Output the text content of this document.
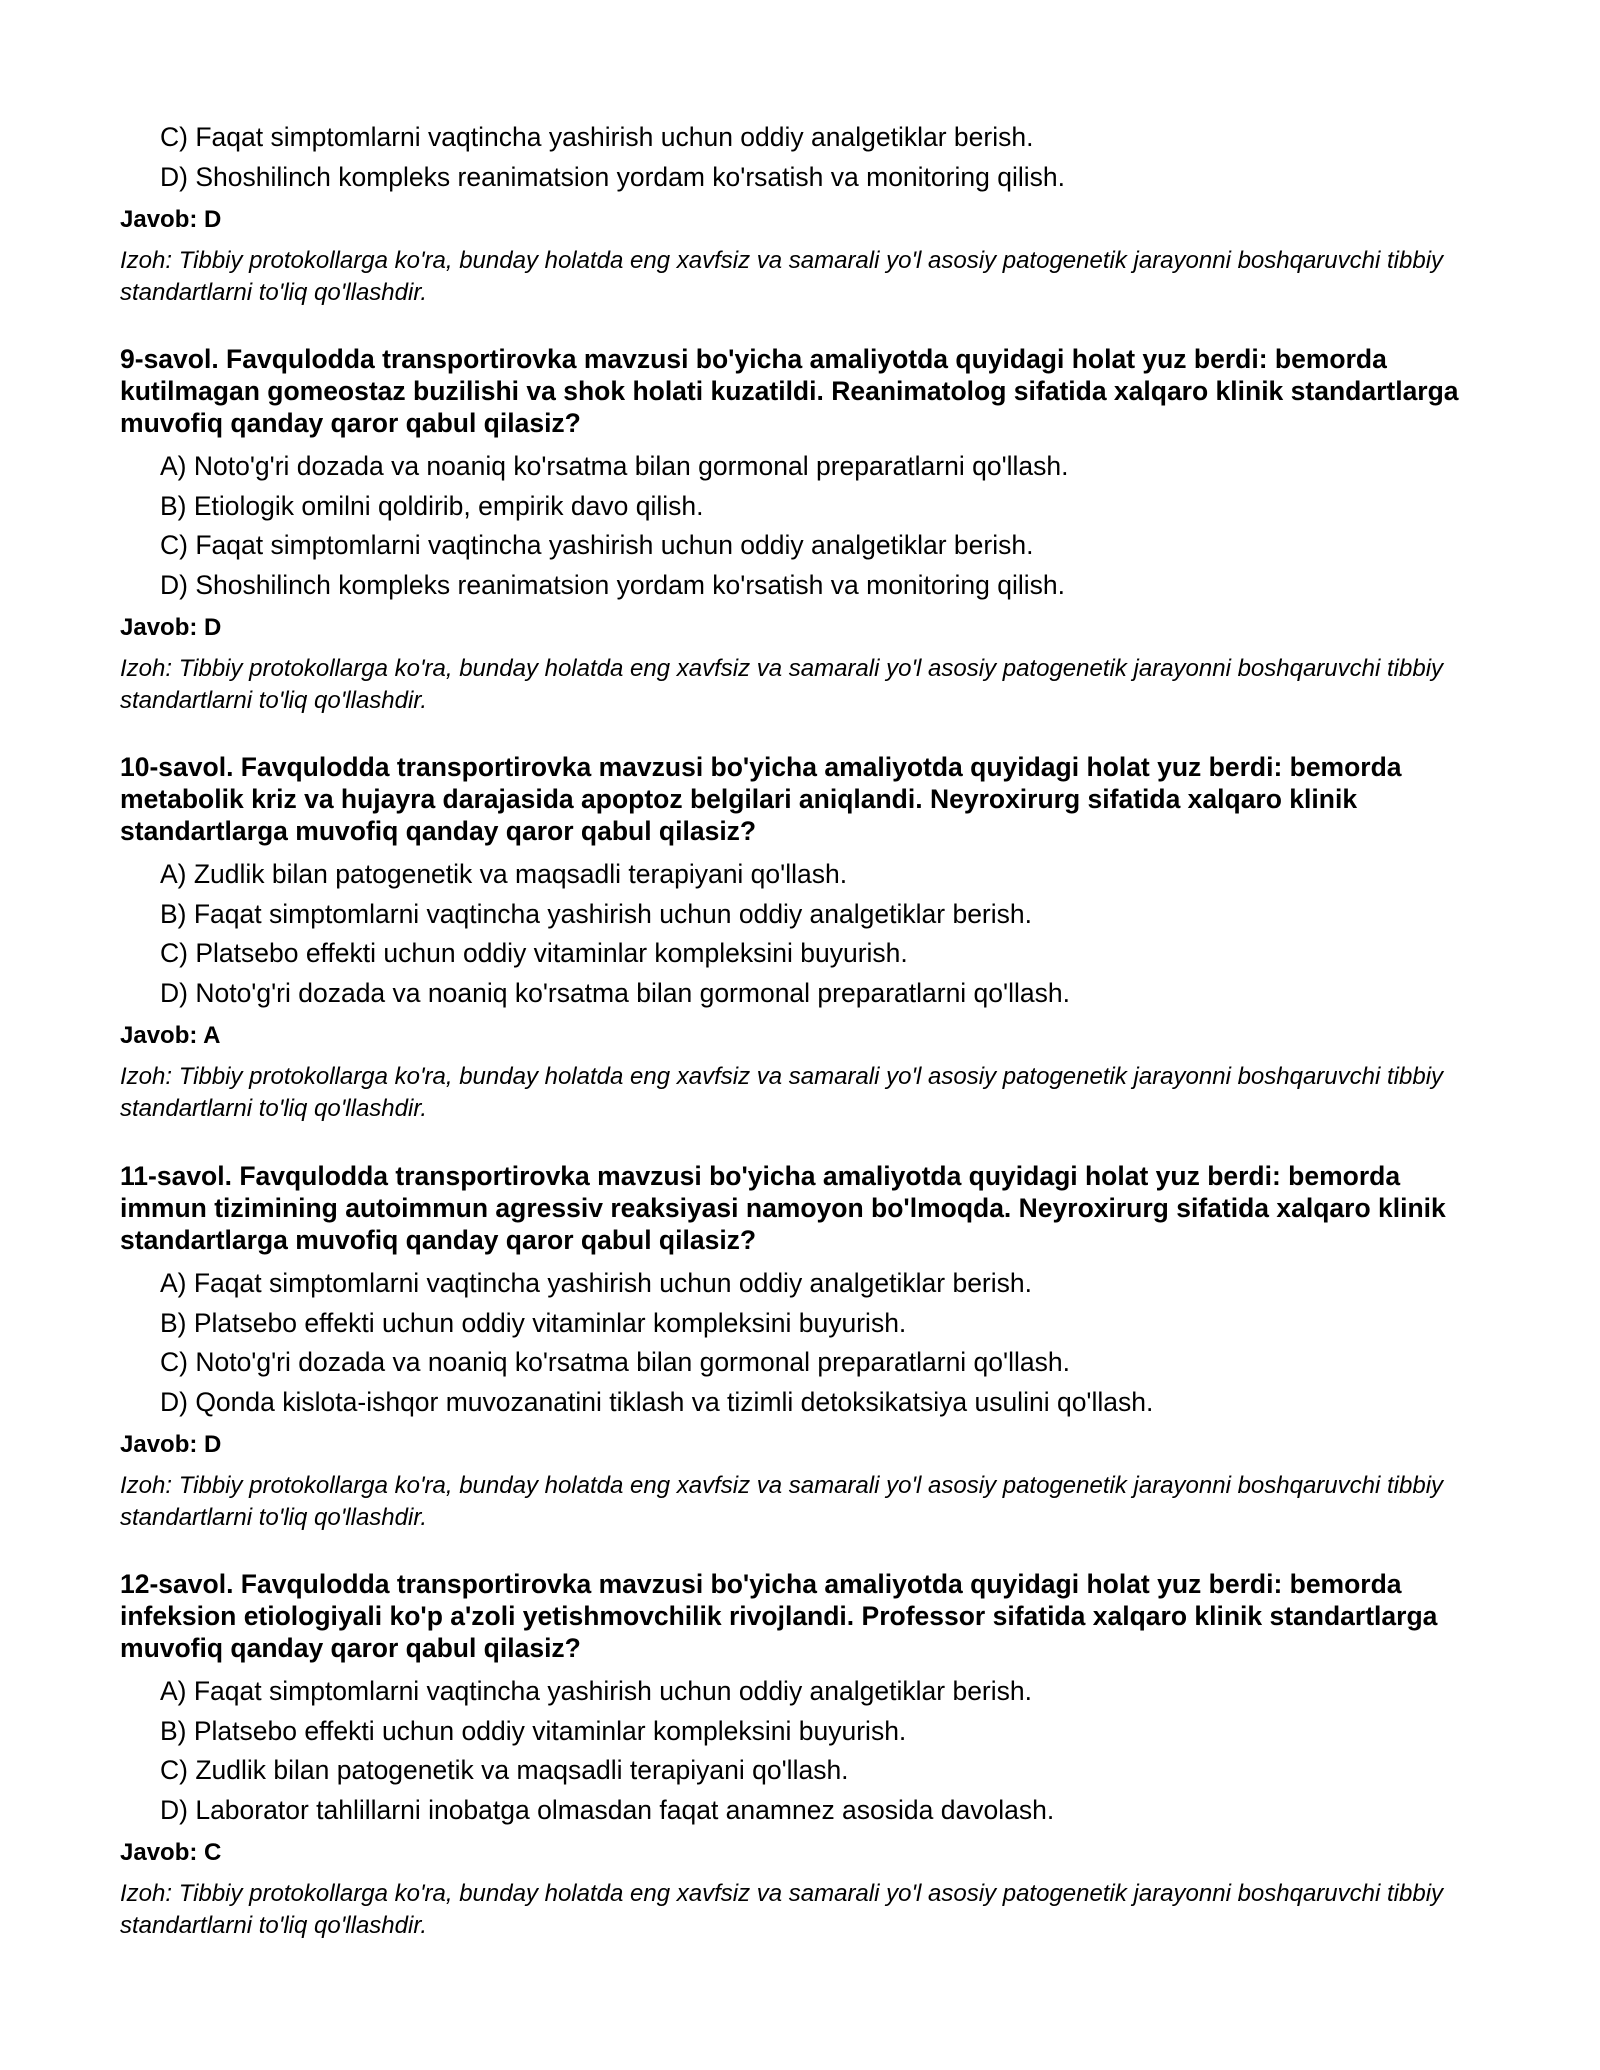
C) Faqat simptomlarni vaqtincha yashirish uchun oddiy analgetiklar berish.
D) Shoshilinch kompleks reanimatsion yordam ko'rsatish va monitoring qilish.
Javob: D
Izoh: Tibbiy protokollarga ko'ra, bunday holatda eng xavfsiz va samarali yo'l asosiy patogenetik jarayonni boshqaruvchi tibbiy standartlarni to'liq qo'llashdir.
9-savol. Favqulodda transportirovka mavzusi bo'yicha amaliyotda quyidagi holat yuz berdi: bemorda kutilmagan gomeostaz buzilishi va shok holati kuzatildi. Reanimatolog sifatida xalqaro klinik standartlarga muvofiq qanday qaror qabul qilasiz?
A) Noto'g'ri dozada va noaniq ko'rsatma bilan gormonal preparatlarni qo'llash.
B) Etiologik omilni qoldirib, empirik davo qilish.
C) Faqat simptomlarni vaqtincha yashirish uchun oddiy analgetiklar berish.
D) Shoshilinch kompleks reanimatsion yordam ko'rsatish va monitoring qilish.
Javob: D
Izoh: Tibbiy protokollarga ko'ra, bunday holatda eng xavfsiz va samarali yo'l asosiy patogenetik jarayonni boshqaruvchi tibbiy standartlarni to'liq qo'llashdir.
10-savol. Favqulodda transportirovka mavzusi bo'yicha amaliyotda quyidagi holat yuz berdi: bemorda metabolik kriz va hujayra darajasida apoptoz belgilari aniqlandi. Neyroxirurg sifatida xalqaro klinik standartlarga muvofiq qanday qaror qabul qilasiz?
A) Zudlik bilan patogenetik va maqsadli terapiyani qo'llash.
B) Faqat simptomlarni vaqtincha yashirish uchun oddiy analgetiklar berish.
C) Platsebo effekti uchun oddiy vitaminlar kompleksini buyurish.
D) Noto'g'ri dozada va noaniq ko'rsatma bilan gormonal preparatlarni qo'llash.
Javob: A
Izoh: Tibbiy protokollarga ko'ra, bunday holatda eng xavfsiz va samarali yo'l asosiy patogenetik jarayonni boshqaruvchi tibbiy standartlarni to'liq qo'llashdir.
11-savol. Favqulodda transportirovka mavzusi bo'yicha amaliyotda quyidagi holat yuz berdi: bemorda immun tizimining autoimmun agressiv reaksiyasi namoyon bo'lmoqda. Neyroxirurg sifatida xalqaro klinik standartlarga muvofiq qanday qaror qabul qilasiz?
A) Faqat simptomlarni vaqtincha yashirish uchun oddiy analgetiklar berish.
B) Platsebo effekti uchun oddiy vitaminlar kompleksini buyurish.
C) Noto'g'ri dozada va noaniq ko'rsatma bilan gormonal preparatlarni qo'llash.
D) Qonda kislota-ishqor muvozanatini tiklash va tizimli detoksikatsiya usulini qo'llash.
Javob: D
Izoh: Tibbiy protokollarga ko'ra, bunday holatda eng xavfsiz va samarali yo'l asosiy patogenetik jarayonni boshqaruvchi tibbiy standartlarni to'liq qo'llashdir.
12-savol. Favqulodda transportirovka mavzusi bo'yicha amaliyotda quyidagi holat yuz berdi: bemorda infeksion etiologiyali ko'p a'zoli yetishmovchilik rivojlandi. Professor sifatida xalqaro klinik standartlarga muvofiq qanday qaror qabul qilasiz?
A) Faqat simptomlarni vaqtincha yashirish uchun oddiy analgetiklar berish.
B) Platsebo effekti uchun oddiy vitaminlar kompleksini buyurish.
C) Zudlik bilan patogenetik va maqsadli terapiyani qo'llash.
D) Laborator tahlillarni inobatga olmasdan faqat anamnez asosida davolash.
Javob: C
Izoh: Tibbiy protokollarga ko'ra, bunday holatda eng xavfsiz va samarali yo'l asosiy patogenetik jarayonni boshqaruvchi tibbiy standartlarni to'liq qo'llashdir.
